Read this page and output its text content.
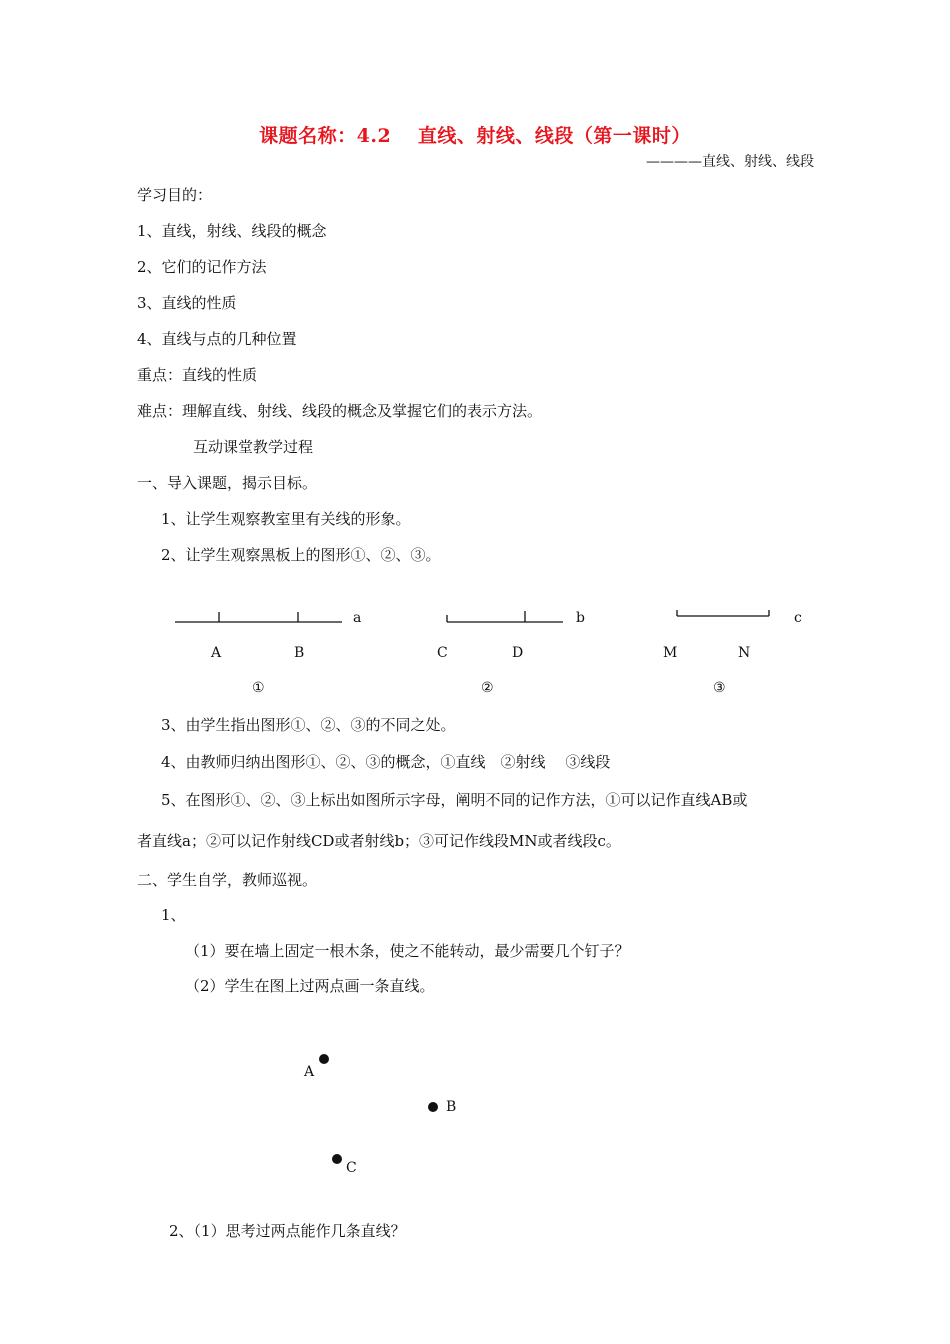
课题名称：4.2　 直线、射线、线段（第一课时）
————直线、射线、线段
学习目的：
1、直线，射线、线段的概念
2、它们的记作方法
3、直线的性质
4、直线与点的几种位置
重点：直线的性质
难点：理解直线、射线、线段的概念及掌握它们的表示方法。
互动课堂教学过程
一、导入课题，揭示目标。
1、让学生观察教室里有关线的形象。
2、让学生观察黑板上的图形①、②、③。
a
A	B
①
b
C	D
②
c
M	N
③
3、由学生指出图形①、②、③的不同之处。
4、由教师归纳出图形①、②、③的概念，①直线　②射线　 ③线段
5、在图形①、②、③上标出如图所示字母，阐明不同的记作方法，①可以记作直线AB或
者直线a；②可以记作射线CD或者射线b；③可记作线段MN或者线段c。
二、学生自学，教师巡视。
1、
（1）要在墙上固定一根木条，使之不能转动，最少需要几个钉子？
（2）学生在图上过两点画一条直线。
A
B
C
2、（1）思考过两点能作几条直线？
